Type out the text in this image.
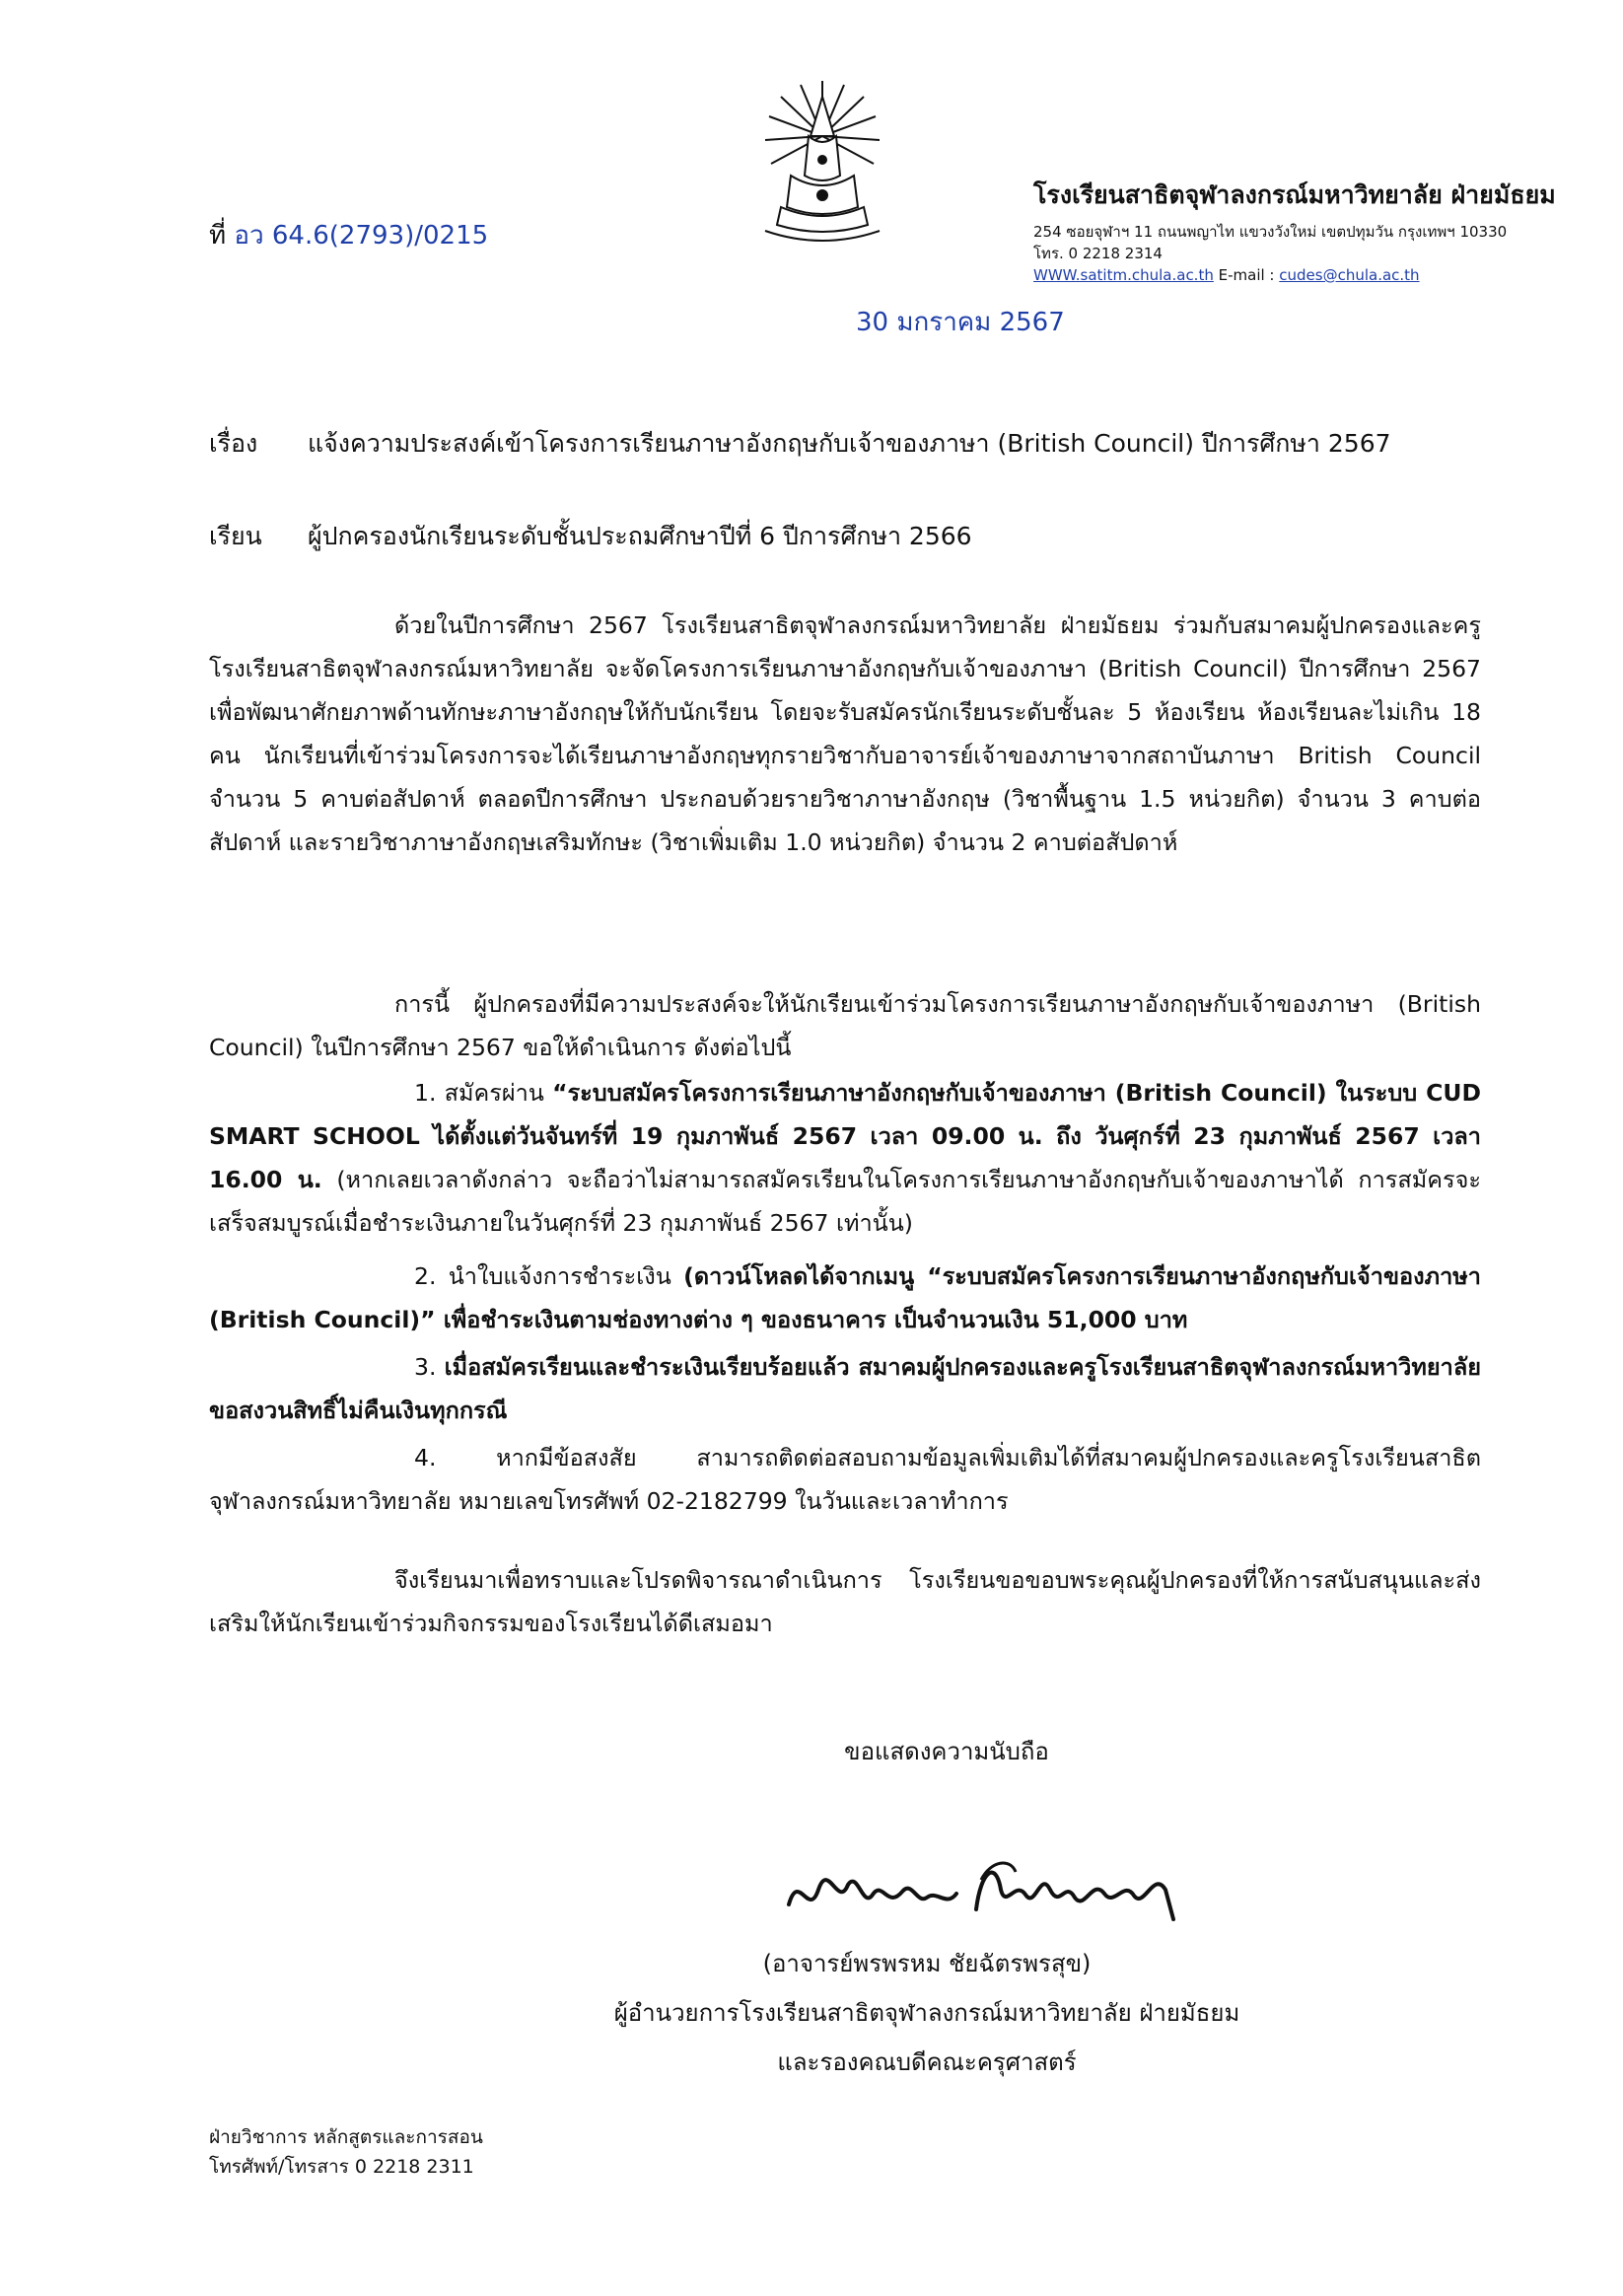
ที่ อว 64.6(2793)/0215
โรงเรียนสาธิตจุฬาลงกรณ์มหาวิทยาลัย ฝ่ายมัธยม
254 ซอยจุฬาฯ 11 ถนนพญาไท แขวงวังใหม่ เขตปทุมวัน กรุงเทพฯ 10330
โทร. 0 2218 2314
WWW.satitm.chula.ac.th E-mail : cudes@chula.ac.th
30 มกราคม 2567
เรื่อง แจ้งความประสงค์เข้าโครงการเรียนภาษาอังกฤษกับเจ้าของภาษา (British Council) ปีการศึกษา 2567
เรียน ผู้ปกครองนักเรียนระดับชั้นประถมศึกษาปีที่ 6 ปีการศึกษา 2566
ด้วยในปีการศึกษา 2567 โรงเรียนสาธิตจุฬาลงกรณ์มหาวิทยาลัย ฝ่ายมัธยม ร่วมกับสมาคมผู้ปกครองและครูโรงเรียนสาธิตจุฬาลงกรณ์มหาวิทยาลัย จะจัดโครงการเรียนภาษาอังกฤษกับเจ้าของภาษา (British Council) ปีการศึกษา 2567 เพื่อพัฒนาศักยภาพด้านทักษะภาษาอังกฤษให้กับนักเรียน โดยจะรับสมัครนักเรียนระดับชั้นละ 5 ห้องเรียน ห้องเรียนละไม่เกิน 18 คน นักเรียนที่เข้าร่วมโครงการจะได้เรียนภาษาอังกฤษทุกรายวิชากับอาจารย์เจ้าของภาษาจากสถาบันภาษา British Council จำนวน 5 คาบต่อสัปดาห์ ตลอดปีการศึกษา ประกอบด้วยรายวิชาภาษาอังกฤษ (วิชาพื้นฐาน 1.5 หน่วยกิต) จำนวน 3 คาบต่อสัปดาห์ และรายวิชาภาษาอังกฤษเสริมทักษะ (วิชาเพิ่มเติม 1.0 หน่วยกิต) จำนวน 2 คาบต่อสัปดาห์
การนี้ ผู้ปกครองที่มีความประสงค์จะให้นักเรียนเข้าร่วมโครงการเรียนภาษาอังกฤษกับเจ้าของภาษา (British Council) ในปีการศึกษา 2567 ขอให้ดำเนินการ ดังต่อไปนี้
1. สมัครผ่าน “ระบบสมัครโครงการเรียนภาษาอังกฤษกับเจ้าของภาษา (British Council) ในระบบ CUD SMART SCHOOL ได้ตั้งแต่วันจันทร์ที่ 19 กุมภาพันธ์ 2567 เวลา 09.00 น. ถึง วันศุกร์ที่ 23 กุมภาพันธ์ 2567 เวลา 16.00 น. (หากเลยเวลาดังกล่าว จะถือว่าไม่สามารถสมัครเรียนในโครงการเรียนภาษาอังกฤษกับเจ้าของภาษาได้ การสมัครจะเสร็จสมบูรณ์เมื่อชำระเงินภายในวันศุกร์ที่ 23 กุมภาพันธ์ 2567 เท่านั้น)
2. นำใบแจ้งการชำระเงิน (ดาวน์โหลดได้จากเมนู “ระบบสมัครโครงการเรียนภาษาอังกฤษกับเจ้าของภาษา (British Council)” เพื่อชำระเงินตามช่องทางต่าง ๆ ของธนาคาร เป็นจำนวนเงิน 51,000 บาท
3. เมื่อสมัครเรียนและชำระเงินเรียบร้อยแล้ว สมาคมผู้ปกครองและครูโรงเรียนสาธิตจุฬาลงกรณ์มหาวิทยาลัย ขอสงวนสิทธิ์ไม่คืนเงินทุกกรณี
4. หากมีข้อสงสัย สามารถติดต่อสอบถามข้อมูลเพิ่มเติมได้ที่สมาคมผู้ปกครองและครูโรงเรียนสาธิตจุฬาลงกรณ์มหาวิทยาลัย หมายเลขโทรศัพท์ 02-2182799 ในวันและเวลาทำการ
จึงเรียนมาเพื่อทราบและโปรดพิจารณาดำเนินการ โรงเรียนขอขอบพระคุณผู้ปกครองที่ให้การสนับสนุนและส่งเสริมให้นักเรียนเข้าร่วมกิจกรรมของโรงเรียนได้ดีเสมอมา
ขอแสดงความนับถือ
(อาจารย์พรพรหม ชัยฉัตรพรสุข)
ผู้อำนวยการโรงเรียนสาธิตจุฬาลงกรณ์มหาวิทยาลัย ฝ่ายมัธยม
และรองคณบดีคณะครุศาสตร์
ฝ่ายวิชาการ หลักสูตรและการสอน
โทรศัพท์/โทรสาร 0 2218 2311
